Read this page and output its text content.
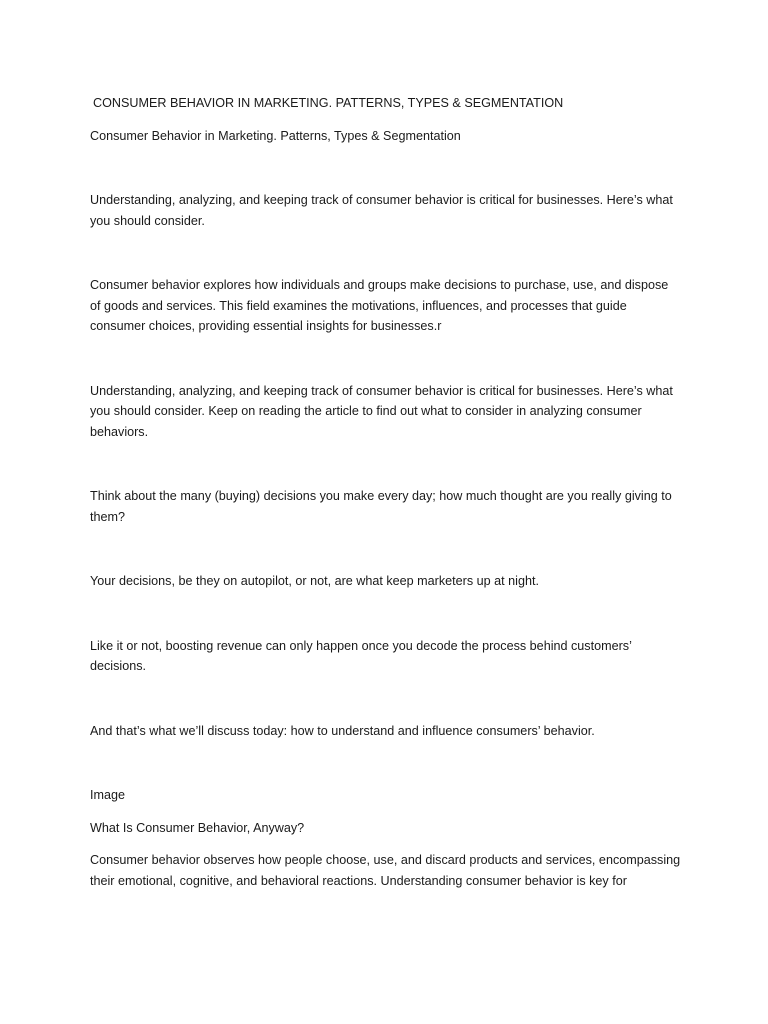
CONSUMER BEHAVIOR IN MARKETING. PATTERNS, TYPES & SEGMENTATION

Consumer Behavior in Marketing. Patterns, Types & Segmentation

Understanding, analyzing, and keeping track of consumer behavior is critical for businesses. Here’s what you should consider.

Consumer behavior explores how individuals and groups make decisions to purchase, use, and dispose of goods and services. This field examines the motivations, influences, and processes that guide consumer choices, providing essential insights for businesses.r

Understanding, analyzing, and keeping track of consumer behavior is critical for businesses. Here’s what you should consider. Keep on reading the article to find out what to consider in analyzing consumer behaviors.

Think about the many (buying) decisions you make every day; how much thought are you really giving to them?

Your decisions, be they on autopilot, or not, are what keep marketers up at night.

Like it or not, boosting revenue can only happen once you decode the process behind customers’ decisions.

And that’s what we’ll discuss today: how to understand and influence consumers’ behavior.

Image

What Is Consumer Behavior, Anyway?

Consumer behavior observes how people choose, use, and discard products and services, encompassing their emotional, cognitive, and behavioral reactions. Understanding consumer behavior is key for
